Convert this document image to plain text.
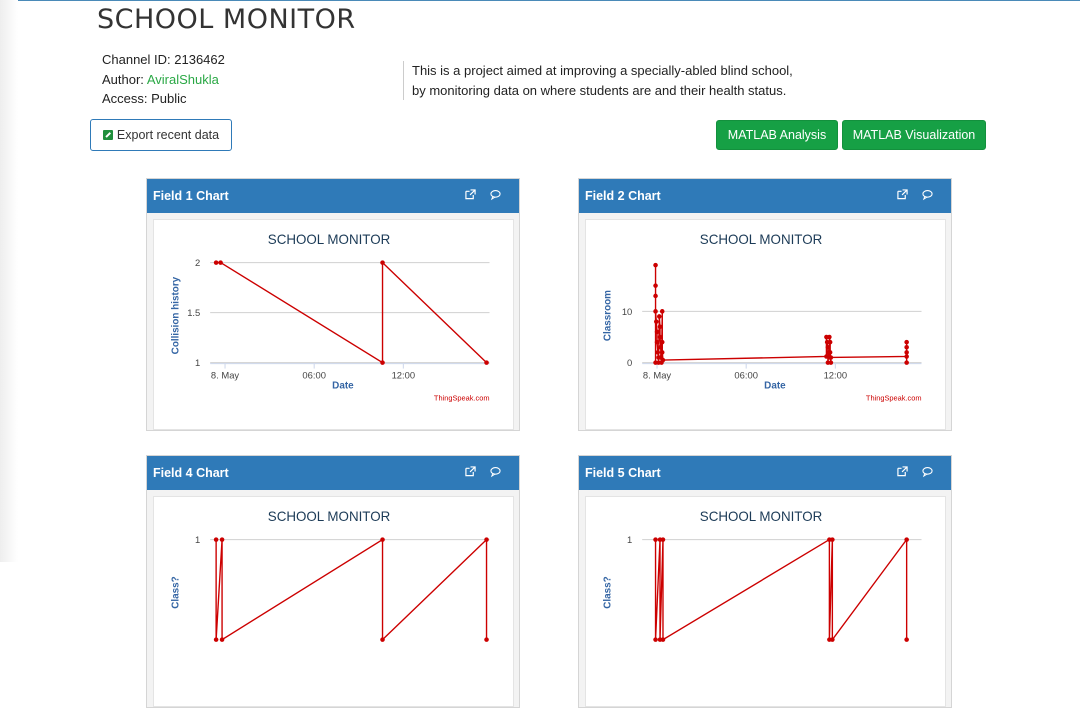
SCHOOL MONITOR
Channel ID: 2136462
Author: AviralShukla
Access: Public
This is a project aimed at improving a specially-abled blind school, by monitoring data on where students are and their health status.
Export recent data	MATLAB Analysis	MATLAB Visualization
Field 1 Chart
SCHOOL MONITOR
1
1.5
2
8. May	06:00	12:00
Date
Collision history
ThingSpeak.com
Field 2 Chart
SCHOOL MONITOR
0
10
8. May	06:00	12:00
Date
Classroom
ThingSpeak.com
Field 4 Chart
SCHOOL MONITOR
1
Class?
Field 5 Chart
SCHOOL MONITOR
1
Class?
